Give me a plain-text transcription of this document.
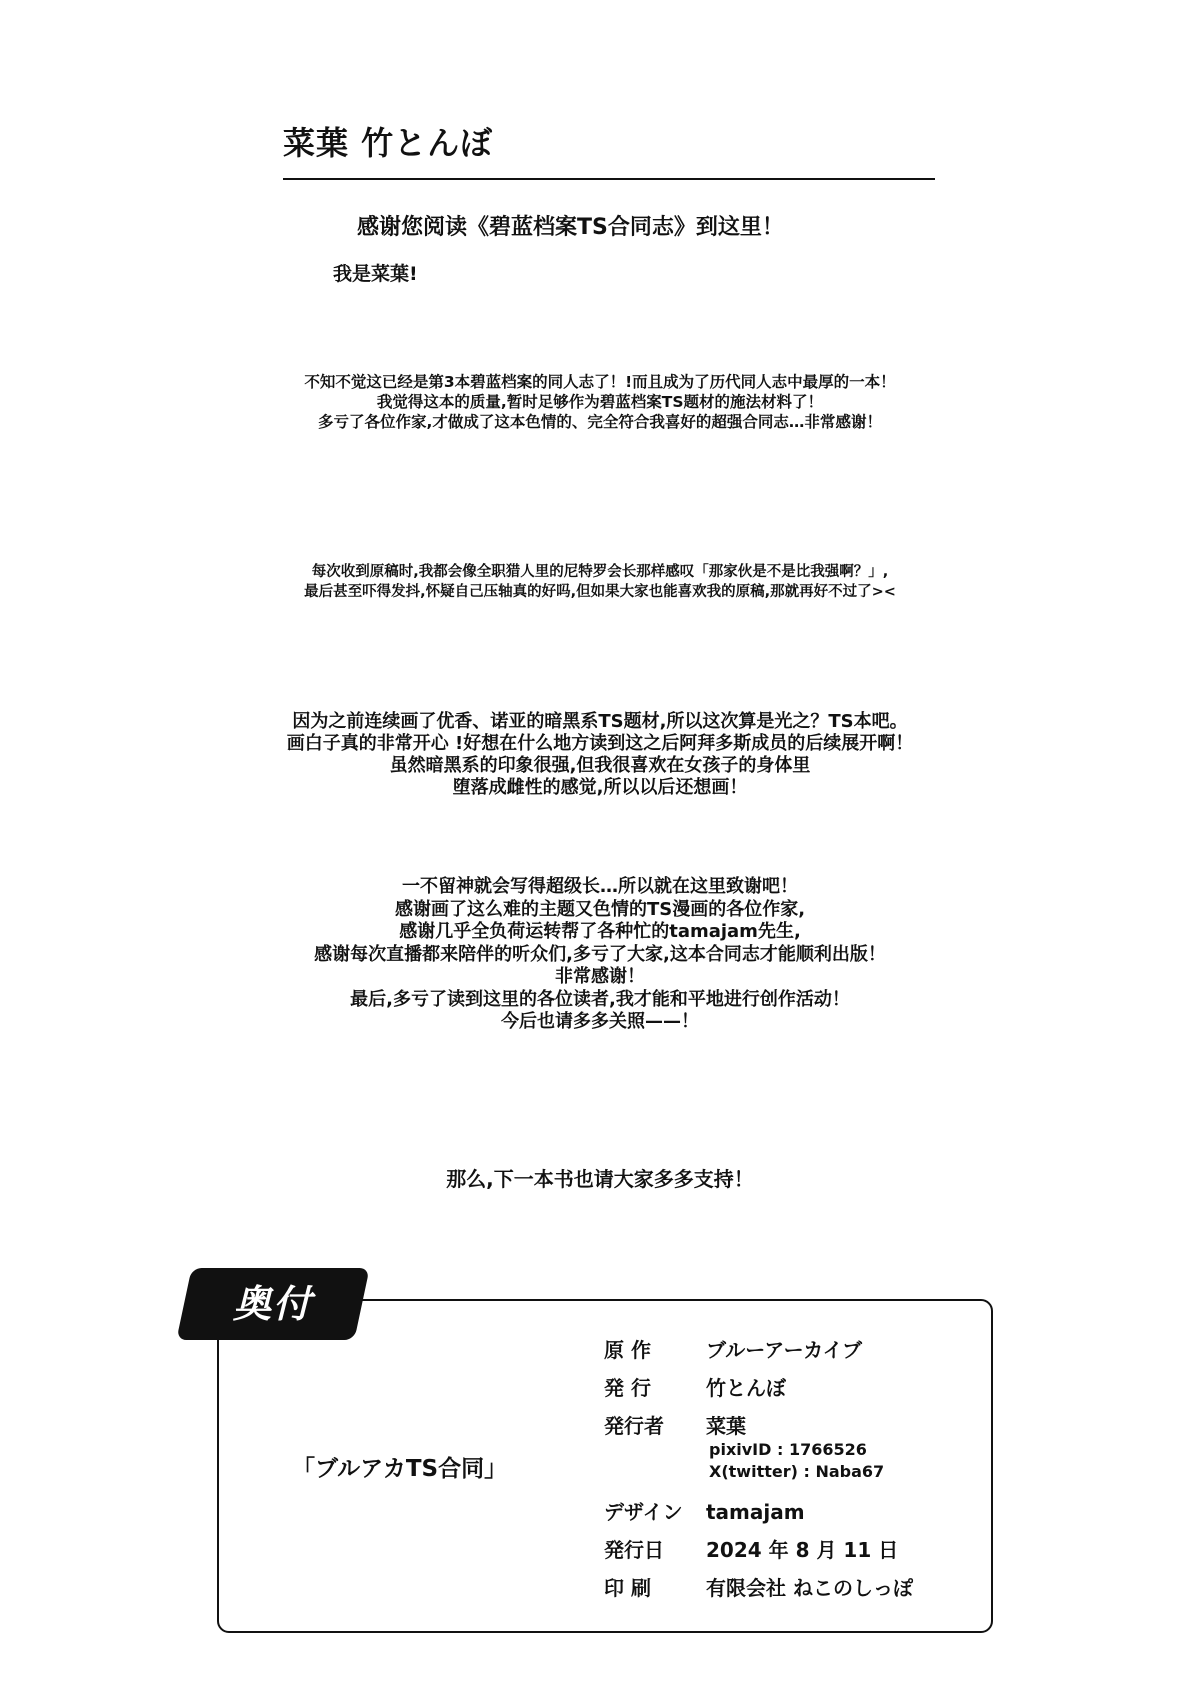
菜葉 竹とんぼ
感谢您阅读《碧蓝档案TS合同志》到这里！
我是菜葉!
不知不觉这已经是第3本碧蓝档案的同人志了！!而且成为了历代同人志中最厚的一本！
我觉得这本的质量,暂时足够作为碧蓝档案TS题材的施法材料了！
多亏了各位作家,才做成了这本色情的、完全符合我喜好的超强合同志…非常感谢！
每次收到原稿时,我都会像全职猎人里的尼特罗会长那样感叹「那家伙是不是比我强啊？」,
最后甚至吓得发抖,怀疑自己压轴真的好吗,但如果大家也能喜欢我的原稿,那就再好不过了><
因为之前连续画了优香、诺亚的暗黑系TS题材,所以这次算是光之？TS本吧。
画白子真的非常开心 !好想在什么地方读到这之后阿拜多斯成员的后续展开啊！
虽然暗黑系的印象很强,但我很喜欢在女孩子的身体里
堕落成雌性的感觉,所以以后还想画！
一不留神就会写得超级长…所以就在这里致谢吧！
感谢画了这么难的主题又色情的TS漫画的各位作家,
感谢几乎全负荷运转帮了各种忙的tamajam先生,
感谢每次直播都来陪伴的听众们,多亏了大家,这本合同志才能顺利出版！
非常感谢！
最后,多亏了读到这里的各位读者,我才能和平地进行创作活动！
今后也请多多关照——！
那么,下一本书也请大家多多支持！
奥付
「ブルアカTS合同」
原 作	ブルーアーカイブ
発 行	竹とんぼ
発行者 菜葉
pixivID : 1766526
X(twitter) : Naba67
デザイン tamajam
発行日 2024 年 8 月 11 日
印 刷	有限会社 ねこのしっぽ
